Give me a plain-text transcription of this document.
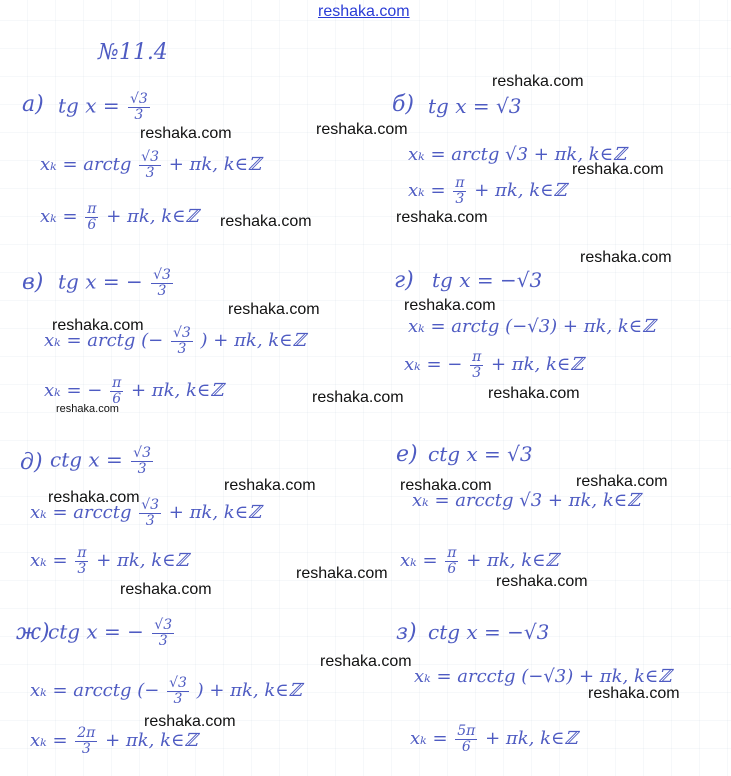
reshaka.com
№11.4
а) tg $x = \frac{√3}{3}$
xₖ = arctg $\frac{√3}{3} + \pi k$, k∈ℤ
$x_k = \frac{\pi}{6} + \pi k$, k∈ℤ
б) tg x = √3
xₖ = arctg √3 + πk, k∈ℤ
$x_k = \frac{\pi}{3} + \pi k$, k∈ℤ
в) tg x = − $\frac{√3}{3}$
xₖ = arctg (− $\frac{√3}{3}$ ) + πk, k∈ℤ
xₖ = − $\frac{\pi}{6} + \pi k$, k∈ℤ
г) tg x = −√3
xₖ = arctg (−√3) + πk, k∈ℤ
xₖ = − $\frac{\pi}{3} + \pi k$, k∈ℤ
д) ctg $x = \frac{√3}{3}$
xₖ = arcctg $\frac{√3}{3} + \pi k$, k∈ℤ
$x_k = \frac{\pi}{3} + \pi k$, k∈ℤ
е) ctg x = √3
xₖ = arcctg √3 + πk, k∈ℤ
$x_k = \frac{\pi}{6} + \pi k$, k∈ℤ
ж)
ctg x = − $\frac{√3}{3}$
xₖ = arcctg (− $\frac{√3}{3}$ ) + πk, k∈ℤ
$x_k = \frac{2\pi}{3} + \pi k$, k∈ℤ
з) ctg x = −√3
xₖ = arcctg (−√3) + πk, k∈ℤ
$x_k = \frac{5\pi}{6} + \pi k$, k∈ℤ
reshaka.com
reshaka.com	reshaka.com
reshaka.com
reshaka.com	reshaka.com
reshaka.com
reshaka.com	reshaka.com
reshaka.com
reshaka.com	reshaka.com
reshaka.com
reshaka.com
reshaka.com	reshaka.com
reshaka.com
reshaka.com	reshaka.com
reshaka.com
reshaka.com
reshaka.com
reshaka.com
